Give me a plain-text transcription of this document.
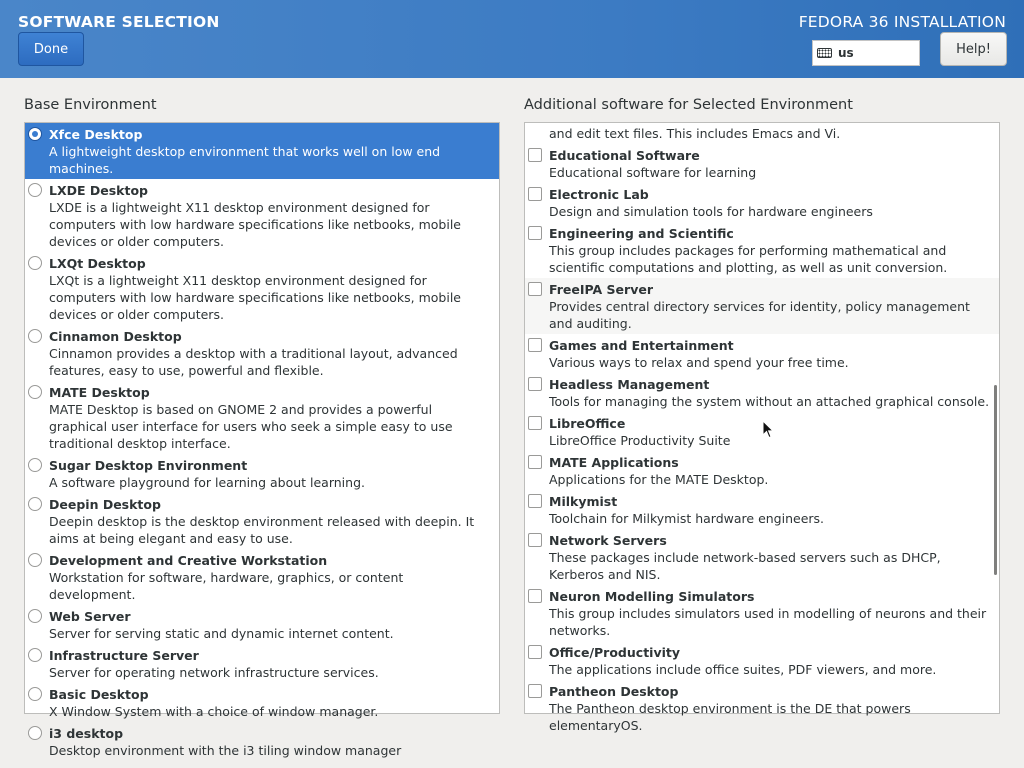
SOFTWARE SELECTION
Done
FEDORA 36 INSTALLATION
us	Help!
Base Environment	Additional software for Selected Environment
Xfce Desktop
A lightweight desktop environment that works well on low end machines.
LXDE Desktop
LXDE is a lightweight X11 desktop environment designed for computers with low hardware specifications like netbooks, mobile devices or older computers.
LXQt Desktop
LXQt is a lightweight X11 desktop environment designed for computers with low hardware specifications like netbooks, mobile devices or older computers.
Cinnamon Desktop
Cinnamon provides a desktop with a traditional layout, advanced features, easy to use, powerful and flexible.
MATE Desktop
MATE Desktop is based on GNOME 2 and provides a powerful graphical user interface for users who seek a simple easy to use traditional desktop interface.
Sugar Desktop Environment
A software playground for learning about learning.
Deepin Desktop
Deepin desktop is the desktop environment released with deepin. It aims at being elegant and easy to use.
Development and Creative Workstation
Workstation for software, hardware, graphics, or content development.
Web Server
Server for serving static and dynamic internet content.
Infrastructure Server
Server for operating network infrastructure services.
Basic Desktop
X Window System with a choice of window manager.
i3 desktop
Desktop environment with the i3 tiling window manager
and edit text files. This includes Emacs and Vi.
Educational Software
Educational software for learning
Electronic Lab
Design and simulation tools for hardware engineers
Engineering and Scientific
This group includes packages for performing mathematical and scientific computations and plotting, as well as unit conversion.
FreeIPA Server
Provides central directory services for identity, policy management and auditing.
Games and Entertainment
Various ways to relax and spend your free time.
Headless Management
Tools for managing the system without an attached graphical console.
LibreOffice
LibreOffice Productivity Suite
MATE Applications
Applications for the MATE Desktop.
Milkymist
Toolchain for Milkymist hardware engineers.
Network Servers
These packages include network-based servers such as DHCP, Kerberos and NIS.
Neuron Modelling Simulators
This group includes simulators used in modelling of neurons and their networks.
Office/Productivity
The applications include office suites, PDF viewers, and more.
Pantheon Desktop
The Pantheon desktop environment is the DE that powers elementaryOS.
